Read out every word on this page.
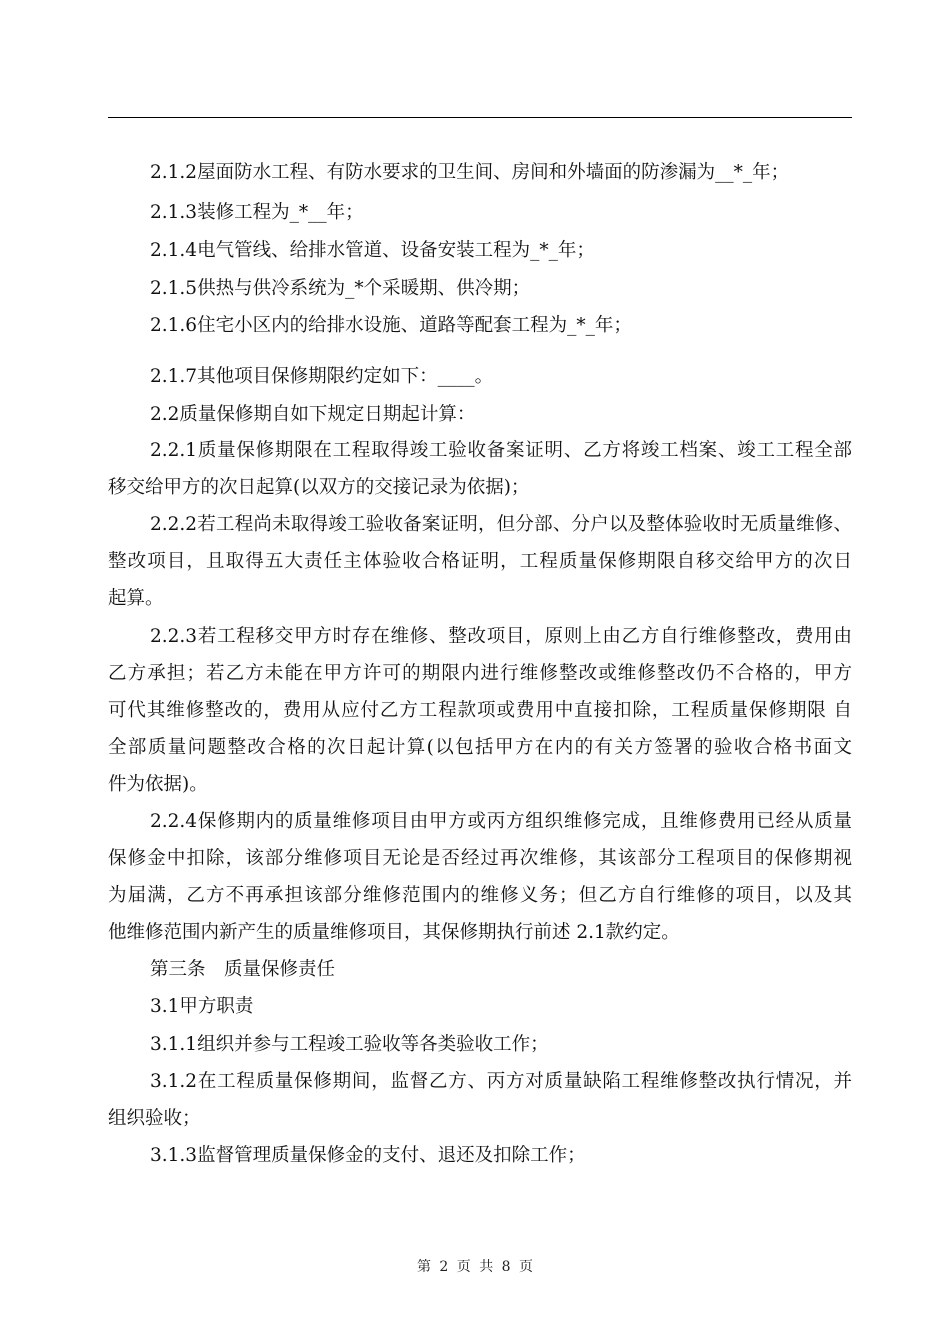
2.1.2屋面防水工程、有防水要求的卫生间、房间和外墙面的防渗漏为__*_年；
2.1.3装修工程为_*__年；
2.1.4电气管线、给排水管道、设备安装工程为_*_年；
2.1.5供热与供冷系统为_*个采暖期、供冷期；
2.1.6住宅小区内的给排水设施、道路等配套工程为_*_年；
2.1.7其他项目保修期限约定如下：____。
2.2质量保修期自如下规定日期起计算：
2.2.1质量保修期限在工程取得竣工验收备案证明、乙方将竣工档案、竣工工程全部
移交给甲方的次日起算(以双方的交接记录为依据)；
2.2.2若工程尚未取得竣工验收备案证明，但分部、分户以及整体验收时无质量维修、
整改项目，且取得五大责任主体验收合格证明，工程质量保修期限自移交给甲方的次日
起算。
2.2.3若工程移交甲方时存在维修、整改项目，原则上由乙方自行维修整改，费用由
乙方承担；若乙方未能在甲方许可的期限内进行维修整改或维修整改仍不合格的，甲方
可代其维修整改的，费用从应付乙方工程款项或费用中直接扣除，工程质量保修期限 自
全部质量问题整改合格的次日起计算(以包括甲方在内的有关方签署的验收合格书面文
件为依据)。
2.2.4保修期内的质量维修项目由甲方或丙方组织维修完成，且维修费用已经从质量
保修金中扣除，该部分维修项目无论是否经过再次维修，其该部分工程项目的保修期视
为届满，乙方不再承担该部分维修范围内的维修义务；但乙方自行维修的项目，以及其
他维修范围内新产生的质量维修项目，其保修期执行前述 2.1款约定。
第三条　质量保修责任
3.1甲方职责
3.1.1组织并参与工程竣工验收等各类验收工作；
3.1.2在工程质量保修期间，监督乙方、丙方对质量缺陷工程维修整改执行情况，并
组织验收；
3.1.3监督管理质量保修金的支付、退还及扣除工作；
第 2 页 共 8 页
